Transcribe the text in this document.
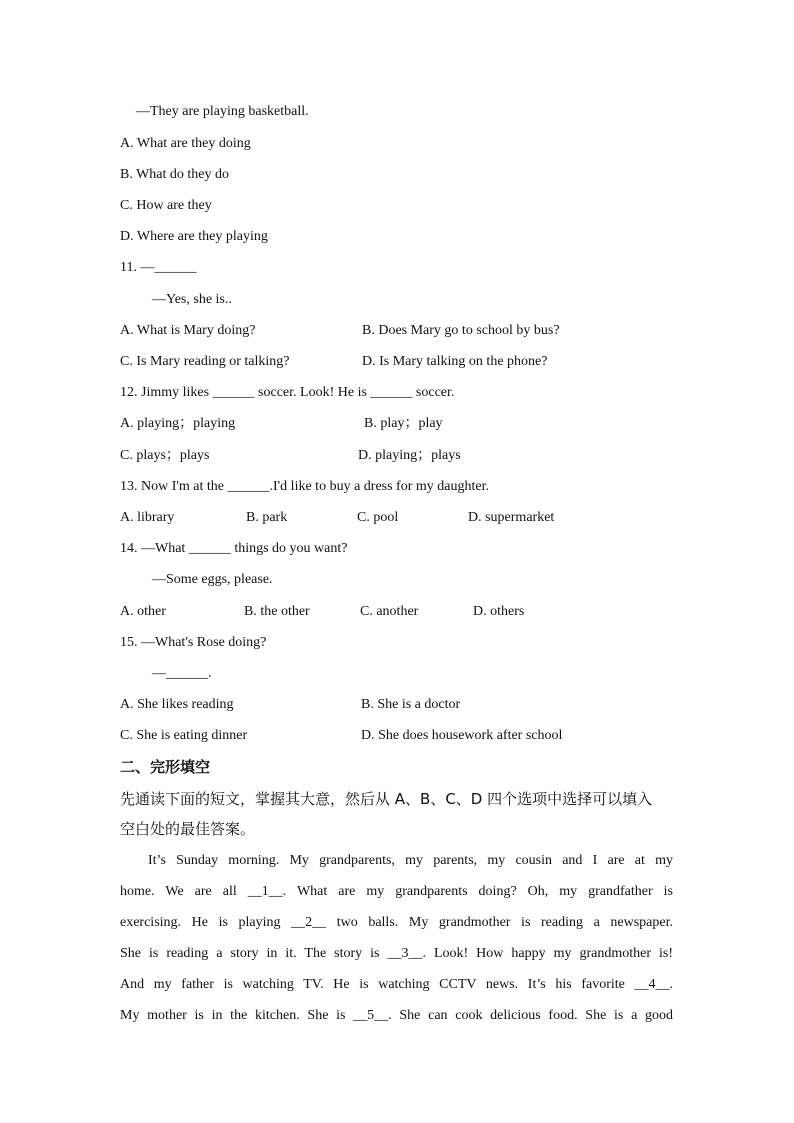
—They are playing basketball.
A. What are they doing
B. What do they do
C. How are they
D. Where are they playing
11. —______
—Yes, she is..
A. What is Mary doing?	B. Does Mary go to school by bus?
C. Is Mary reading or talking?	D. Is Mary talking on the phone?
12. Jimmy likes ______ soccer. Look! He is ______ soccer.
A. playing；playing	B. play；play
C. plays；plays	D. playing；plays
13. Now I'm at the ______.I'd like to buy a dress for my daughter.
A. library	B. park	C. pool	D. supermarket
14. —What ______ things do you want?
—Some eggs, please.
A. other	B. the other	C. another	D. others
15. —What's Rose doing?
—______.
A. She likes reading	B. She is a doctor
C. She is eating dinner	D. She does housework after school
二、完形填空
先通读下面的短文，掌握其大意，然后从 A、B、C、D 四个选项中选择可以填入
空白处的最佳答案。
It’s Sunday morning. My grandparents, my parents, my cousin and I are at my
home. We are all __1__. What are my grandparents doing? Oh, my grandfather is
exercising. He is playing __2__ two balls. My grandmother is reading a newspaper.
She is reading a story in it. The story is __3__. Look! How happy my grandmother is!
And my father is watching TV. He is watching CCTV news. It’s his favorite __4__.
My mother is in the kitchen. She is __5__. She can cook delicious food. She is a good
